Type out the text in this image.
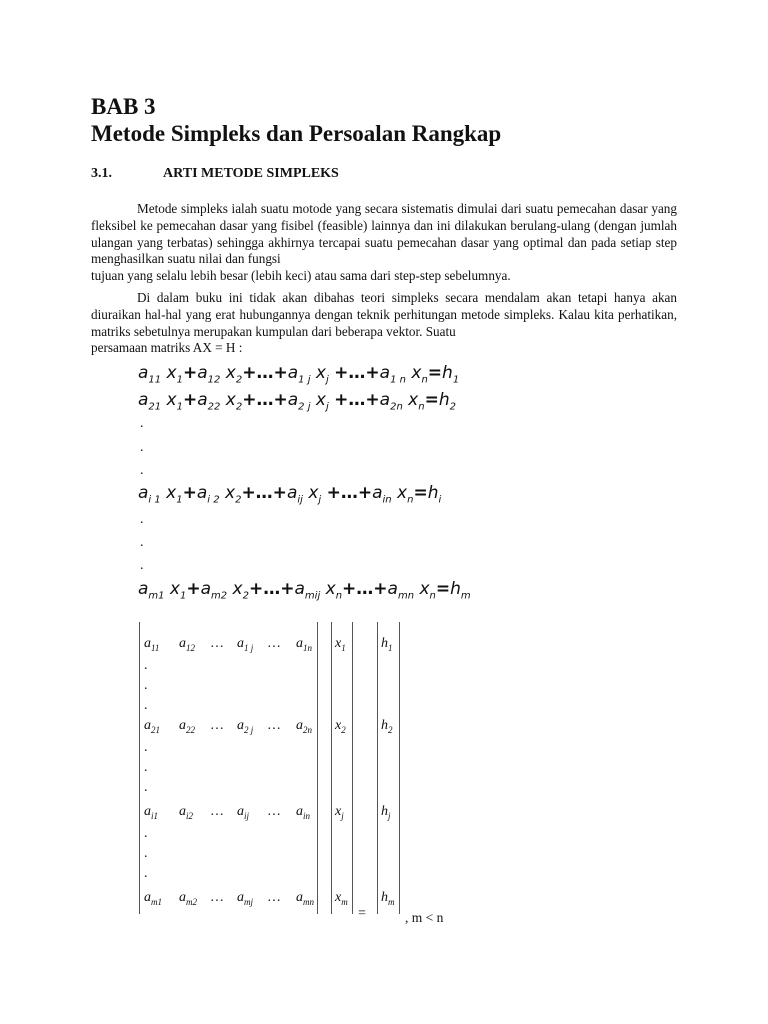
BAB 3
Metode Simpleks dan Persoalan Rangkap
3.1.	ARTI METODE SIMPLEKS

Metode simpleks ialah suatu motode yang secara sistematis dimulai dari suatu pemecahan dasar yang fleksibel ke pemecahan dasar yang fisibel (feasible) lainnya dan ini dilakukan berulang-ulang (dengan jumlah ulangan yang terbatas) sehingga akhirnya tercapai suatu pemecahan dasar yang optimal dan pada setiap step menghasilkan suatu nilai dan fungsi

tujuan yang selalu lebih besar (lebih keci) atau sama dari step-step sebelumnya.

Di dalam buku ini tidak akan dibahas teori simpleks secara mendalam akan tetapi hanya akan diuraikan hal-hal yang erat hubungannya dengan teknik perhitungan metode simpleks. Kalau kita perhatikan, matriks sebetulnya merupakan kumpulan dari beberapa vektor. Suatu

persamaan matriks AX = H :
$a_{11}$ $x_1+a_{12}$ $x_2+\dots+a_{1 j}$ $x_j$ $+\dots+a_{1 n}$ $x_n=h_1$
$a_{21}$ $x_1+a_{22}$ $x_2+\dots+a_{2 j}$ $x_j$ $+\dots+a_{2n}$ $x_n=h_2$
.
.
.
$a_{i 1}$ $x_1+a_{i 2}$ $x_2+\dots+a_{ij}$ $x_j$ $+\dots+a_{in}$ $x_n=h_i$
.
.
.
$a_{m1}$ $x_1+a_{m2}$ $x_2+\dots+a_{mij}$ $x_n+\dots+a_{mn}$ $x_n=h_m$
$a_{11}$ $a_{12}$ … $a_{1 j}$ … $a_{1n}$ $x_1$	$h_1$
.
.
.
$a_{21}$ $a_{22}$ … $a_{2 j}$ … $a_{2n}$ $x_2$	$h_2$
.
.
.
$a_{i1}$ $a_{i2}$ … $a_{ij}$ … $a_{in}$ $x_j$	$h_j$
.
.
.
$a_{m1}$ $a_{m2}$ … $a_{mj}$ … $a_{mn}$ $x_m$ $h_m$
=	, m < n
